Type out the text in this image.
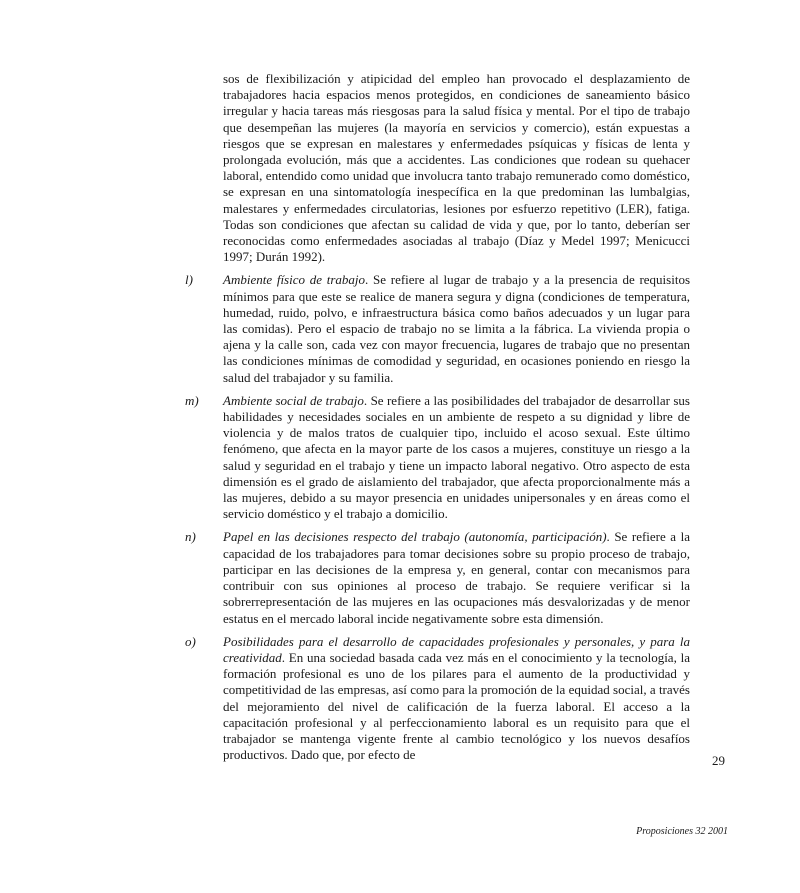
sos de flexibilización y atipicidad del empleo han provocado el desplazamiento de trabajadores hacia espacios menos protegidos, en condiciones de saneamiento básico irregular y hacia tareas más riesgosas para la salud física y mental. Por el tipo de trabajo que desempeñan las mujeres (la mayoría en servicios y comercio), están expuestas a riesgos que se expresan en malestares y enfermedades psíquicas y físicas de lenta y prolongada evolución, más que a accidentes. Las condiciones que rodean su quehacer laboral, entendido como unidad que involucra tanto trabajo remunerado como doméstico, se expresan en una sintomatología inespecífica en la que predominan las lumbalgias, malestares y enfermedades circulatorias, lesiones por esfuerzo repetitivo (LER), fatiga. Todas son condiciones que afectan su calidad de vida y que, por lo tanto, deberían ser reconocidas como enfermedades asociadas al trabajo (Díaz y Medel 1997; Menicucci 1997; Durán 1992).

l) Ambiente físico de trabajo. Se refiere al lugar de trabajo y a la presencia de requisitos mínimos para que este se realice de manera segura y digna (condiciones de temperatura, humedad, ruido, polvo, e infraestructura básica como baños adecuados y un lugar para las comidas). Pero el espacio de trabajo no se limita a la fábrica. La vivienda propia o ajena y la calle son, cada vez con mayor frecuencia, lugares de trabajo que no presentan las condiciones mínimas de comodidad y seguridad, en ocasiones poniendo en riesgo la salud del trabajador y su familia.
m) Ambiente social de trabajo. Se refiere a las posibilidades del trabajador de desarrollar sus habilidades y necesidades sociales en un ambiente de respeto a su dignidad y libre de violencia y de malos tratos de cualquier tipo, incluido el acoso sexual. Este último fenómeno, que afecta en la mayor parte de los casos a mujeres, constituye un riesgo a la salud y seguridad en el trabajo y tiene un impacto laboral negativo. Otro aspecto de esta dimensión es el grado de aislamiento del trabajador, que afecta proporcionalmente más a las mujeres, debido a su mayor presencia en unidades unipersonales y en áreas como el servicio doméstico y el trabajo a domicilio.
n) Papel en las decisiones respecto del trabajo (autonomía, participación). Se refiere a la capacidad de los trabajadores para tomar decisiones sobre su propio proceso de trabajo, participar en las decisiones de la empresa y, en general, contar con mecanismos para contribuir con sus opiniones al proceso de trabajo. Se requiere verificar si la sobrerrepresentación de las mujeres en las ocupaciones más desvalorizadas y de menor estatus en el mercado laboral incide negativamente sobre esta dimensión.
o) Posibilidades para el desarrollo de capacidades profesionales y personales, y para la creatividad. En una sociedad basada cada vez más en el conocimiento y la tecnología, la formación profesional es uno de los pilares para el aumento de la productividad y competitividad de las empresas, así como para la promoción de la equidad social, a través del mejoramiento del nivel de calificación de la fuerza laboral. El acceso a la capacitación profesional y al perfeccionamiento laboral es un requisito para que el trabajador se mantenga vigente frente al cambio tecnológico y los nuevos desafíos productivos. Dado que, por efecto de	29
Proposiciones 32 2001
